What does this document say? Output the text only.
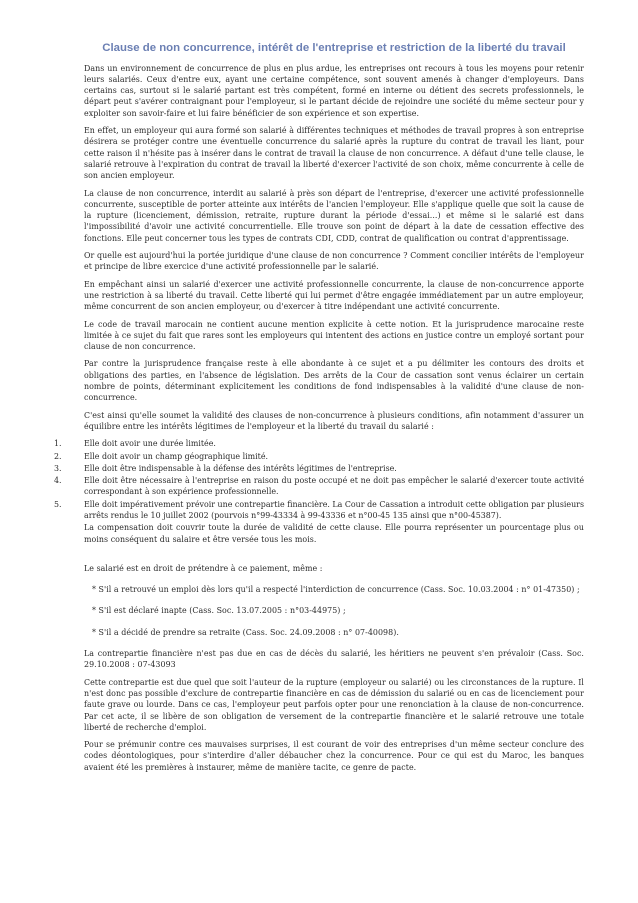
Clause de non concurrence, intérêt de l'entreprise et restriction de la liberté du travail

Dans un environnement de concurrence de plus en plus ardue, les entreprises ont recours à tous les moyens pour retenir leurs salariés. Ceux d'entre eux, ayant une certaine compétence, sont souvent amenés à changer d'employeurs. Dans certains cas, surtout si le salarié partant est très compétent, formé en interne ou détient des secrets professionnels, le départ peut s'avérer contraignant pour l'employeur, si le partant décide de rejoindre une société du même secteur pour y exploiter son savoir-faire et lui faire bénéficier de son expérience et son expertise.

En effet, un employeur qui aura formé son salarié à différentes techniques et méthodes de travail propres à son entreprise désirera se protéger contre une éventuelle concurrence du salarié après la rupture du contrat de travail les liant, pour cette raison il n'hésite pas à insérer dans le contrat de travail la clause de non concurrence. A défaut d'une telle clause, le salarié retrouve à l'expiration du contrat de travail la liberté d'exercer l'activité de son choix, même concurrente à celle de son ancien employeur.

La clause de non concurrence, interdit au salarié à près son départ de l'entreprise, d'exercer une activité professionnelle concurrente, susceptible de porter atteinte aux intérêts de l'ancien l'employeur. Elle s'applique quelle que soit la cause de la rupture (licenciement, démission, retraite, rupture durant la période d'essai...) et même si le salarié est dans l'impossibilité d'avoir une activité concurrentielle. Elle trouve son point de départ à la date de cessation effective des fonctions. Elle peut concerner tous les types de contrats CDI, CDD, contrat de qualification ou contrat d'apprentissage.

Or quelle est aujourd'hui la portée juridique d'une clause de non concurrence ? Comment concilier intérêts de l'employeur et principe de libre exercice d'une activité professionnelle par le salarié.

En empêchant ainsi un salarié d'exercer une activité professionnelle concurrente, la clause de non-concurrence apporte une restriction à sa liberté du travail. Cette liberté qui lui permet d'être engagée immédiatement par un autre employeur, même concurrent de son ancien employeur, ou d'exercer à titre indépendant une activité concurrente.

Le code de travail marocain ne contient aucune mention explicite à cette notion. Et la jurisprudence marocaine reste limitée à ce sujet du fait que rares sont les employeurs qui intentent des actions en justice contre un employé sortant pour clause de non concurrence.

Par contre la jurisprudence française reste à elle abondante à ce sujet et a pu délimiter les contours des droits et obligations des parties, en l'absence de législation. Des arrêts de la Cour de cassation sont venus éclairer un certain nombre de points, déterminant explicitement les conditions de fond indispensables à la validité d'une clause de non-concurrence.

C'est ainsi qu'elle soumet la validité des clauses de non-concurrence à plusieurs conditions, afin notamment d'assurer un équilibre entre les intérêts légitimes de l'employeur et la liberté du travail du salarié :

1.	Elle doit avoir une durée limitée.
2.	Elle doit avoir un champ géographique limité.
3.	Elle doit être indispensable à la défense des intérêts légitimes de l'entreprise.
4.	Elle doit être nécessaire à l'entreprise en raison du poste occupé et ne doit pas empêcher le salarié d'exercer toute activité correspondant à son expérience professionnelle.
5.	Elle doit impérativement prévoir une contrepartie financière. La Cour de Cassation a introduit cette obligation par plusieurs arrêts rendus le 10 juillet 2002 (pourvois n°99-43334 à 99-43336 et n°00-45 135 ainsi que n°00-45387).

La compensation doit couvrir toute la durée de validité de cette clause. Elle pourra représenter un pourcentage plus ou moins conséquent du salaire et être versée tous les mois.

Le salarié est en droit de prétendre à ce paiement, même :

* S'il a retrouvé un emploi dès lors qu'il a respecté l'interdiction de concurrence (Cass. Soc. 10.03.2004 : n° 01-47350) ;

* S'il est déclaré inapte (Cass. Soc. 13.07.2005 : n°03-44975) ;

* S'il a décidé de prendre sa retraite (Cass. Soc. 24.09.2008 : n° 07-40098).

La contrepartie financière n'est pas due en cas de décès du salarié, les héritiers ne peuvent s'en prévaloir (Cass. Soc. 29.10.2008 : 07-43093

Cette contrepartie est due quel que soit l'auteur de la rupture (employeur ou salarié) ou les circonstances de la rupture. Il n'est donc pas possible d'exclure de contrepartie financière en cas de démission du salarié ou en cas de licenciement pour faute grave ou lourde. Dans ce cas, l'employeur peut parfois opter pour une renonciation à la clause de non-concurrence. Par cet acte, il se libère de son obligation de versement de la contrepartie financière et le salarié retrouve une totale liberté de recherche d'emploi.

Pour se prémunir contre ces mauvaises surprises, il est courant de voir des entreprises d'un même secteur conclure des codes déontologiques, pour s'interdire d'aller débaucher chez la concurrence. Pour ce qui est du Maroc, les banques avaient été les premières à instaurer, même de manière tacite, ce genre de pacte.
